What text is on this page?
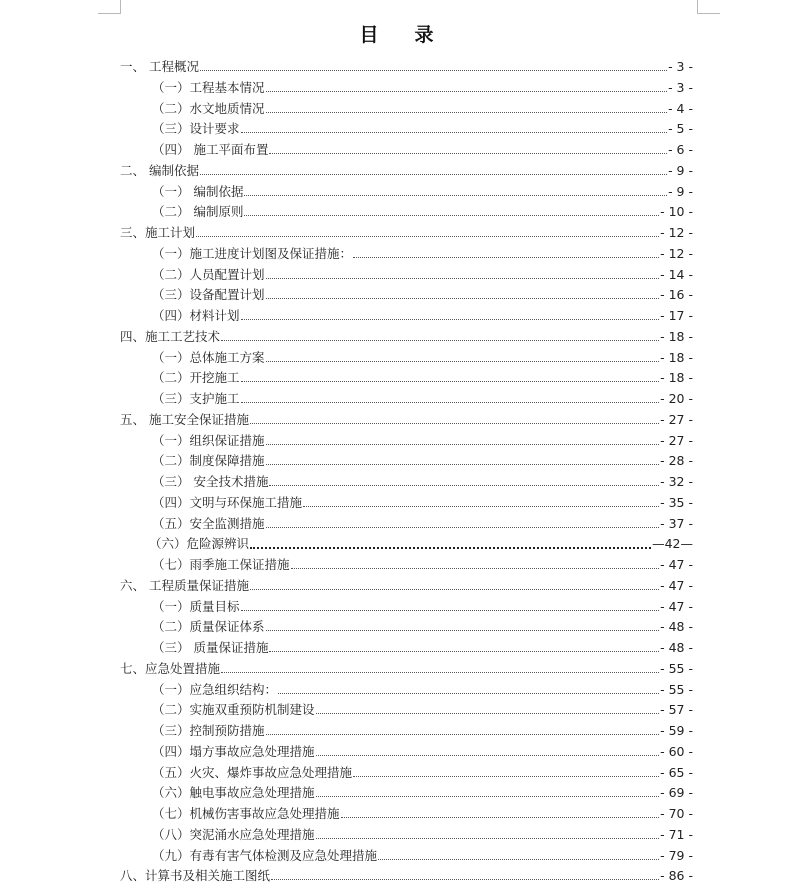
目 录
一、 工程概况	- 3 -
（一）工程基本情况	- 3 -
（二）水文地质情况	- 4 -
（三）设计要求	- 5 -
（四） 施工平面布置	- 6 -
二、 编制依据	- 9 -
（一） 编制依据	- 9 -
（二） 编制原则	- 10 -
三、施工计划	- 12 -
（一）施工进度计划图及保证措施：	- 12 -
（二）人员配置计划	- 14 -
（三）设备配置计划	- 16 -
（四）材料计划	- 17 -
四、施工工艺技术	- 18 -
（一）总体施工方案	- 18 -
（二）开挖施工	- 18 -
（三）支护施工	- 20 -
五、 施工安全保证措施	- 27 -
（一）组织保证措施	- 27 -
（二）制度保障措施	- 28 -
（三） 安全技术措施	- 32 -
（四）文明与环保施工措施	- 35 -
（五）安全监测措施	- 37 -
（六）危险源辨识	—42—
（七）雨季施工保证措施	- 47 -
六、 工程质量保证措施	- 47 -
（一）质量目标	- 47 -
（二）质量保证体系	- 48 -
（三） 质量保证措施	- 48 -
七、应急处置措施	- 55 -
（一）应急组织结构：	- 55 -
（二）实施双重预防机制建设	- 57 -
（三）控制预防措施	- 59 -
（四）塌方事故应急处理措施	- 60 -
（五）火灾、爆炸事故应急处理措施	- 65 -
（六）触电事故应急处理措施	- 69 -
（七）机械伤害事故应急处理措施	- 70 -
（八）突泥涌水应急处理措施	- 71 -
（九）有毒有害气体检测及应急处理措施	- 79 -
八、计算书及相关施工图纸	- 86 -
